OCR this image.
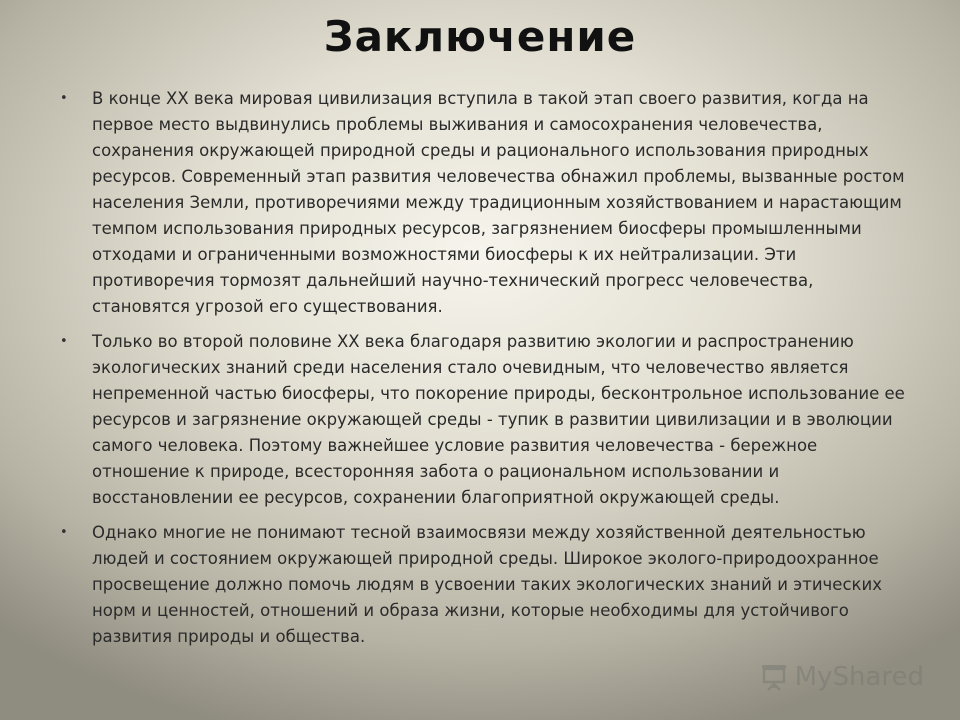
Заключение
• В конце XX века мировая цивилизация вступила в такой этап своего развития, когда на первое место выдвинулись проблемы выживания и самосохранения человечества, сохранения окружающей природной среды и рационального использования природных ресурсов. Современный этап развития человечества обнажил проблемы, вызванные ростом населения Земли, противоречиями между традиционным хозяйствованием и нарастающим темпом использования природных ресурсов, загрязнением биосферы промышленными отходами и ограниченными возможностями биосферы к их нейтрализации. Эти противоречия тормозят дальнейший научно-технический прогресс человечества, становятся угрозой его существования.
• Только во второй половине XX века благодаря развитию экологии и распространению экологических знаний среди населения стало очевидным, что человечество является непременной частью биосферы, что покорение природы, бесконтрольное использование ее ресурсов и загрязнение окружающей среды - тупик в развитии цивилизации и в эволюции самого человека. Поэтому важнейшее условие развития человечества - бережное отношение к природе, всесторонняя забота о рациональном использовании и восстановлении ее ресурсов, сохранении благоприятной окружающей среды.
• Однако многие не понимают тесной взаимосвязи между хозяйственной деятельностью людей и состоянием окружающей природной среды. Широкое эколого-природоохранное просвещение должно помочь людям в усвоении таких экологических знаний и этических норм и ценностей, отношений и образа жизни, которые необходимы для устойчивого развития природы и общества.
MyShared
